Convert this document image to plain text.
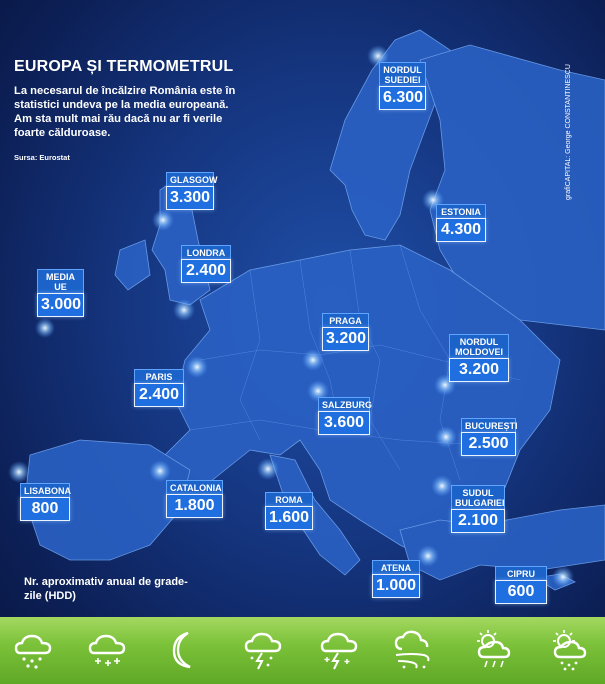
EUROPA ȘI TERMOMETRUL
La necesarul de încălzire România este în statistici undeva pe la media europeană. Am sta mult mai rău dacă nu ar fi verile foarte călduroase.
Sursa: Eurostat	grafiCAPITAL: George CONSTANTINESCU
NORDUL SUEDIEI
6.300
GLASGOW
3.300
ESTONIA
4.300
LONDRA
2.400
MEDIA UE
3.000
PRAGA
3.200	NORDUL MOLDOVEI
3.200
PARIS
2.400
SALZBURG
3.600	BUCUREȘTI
2.500
LISABONA
800
CATALONIA
1.800	ROMA
1.600
SUDUL BULGARIEI
2.100
ATENA
1.000
CIPRU
600
Nr. aproximativ anual de grade-zile (HDD)
